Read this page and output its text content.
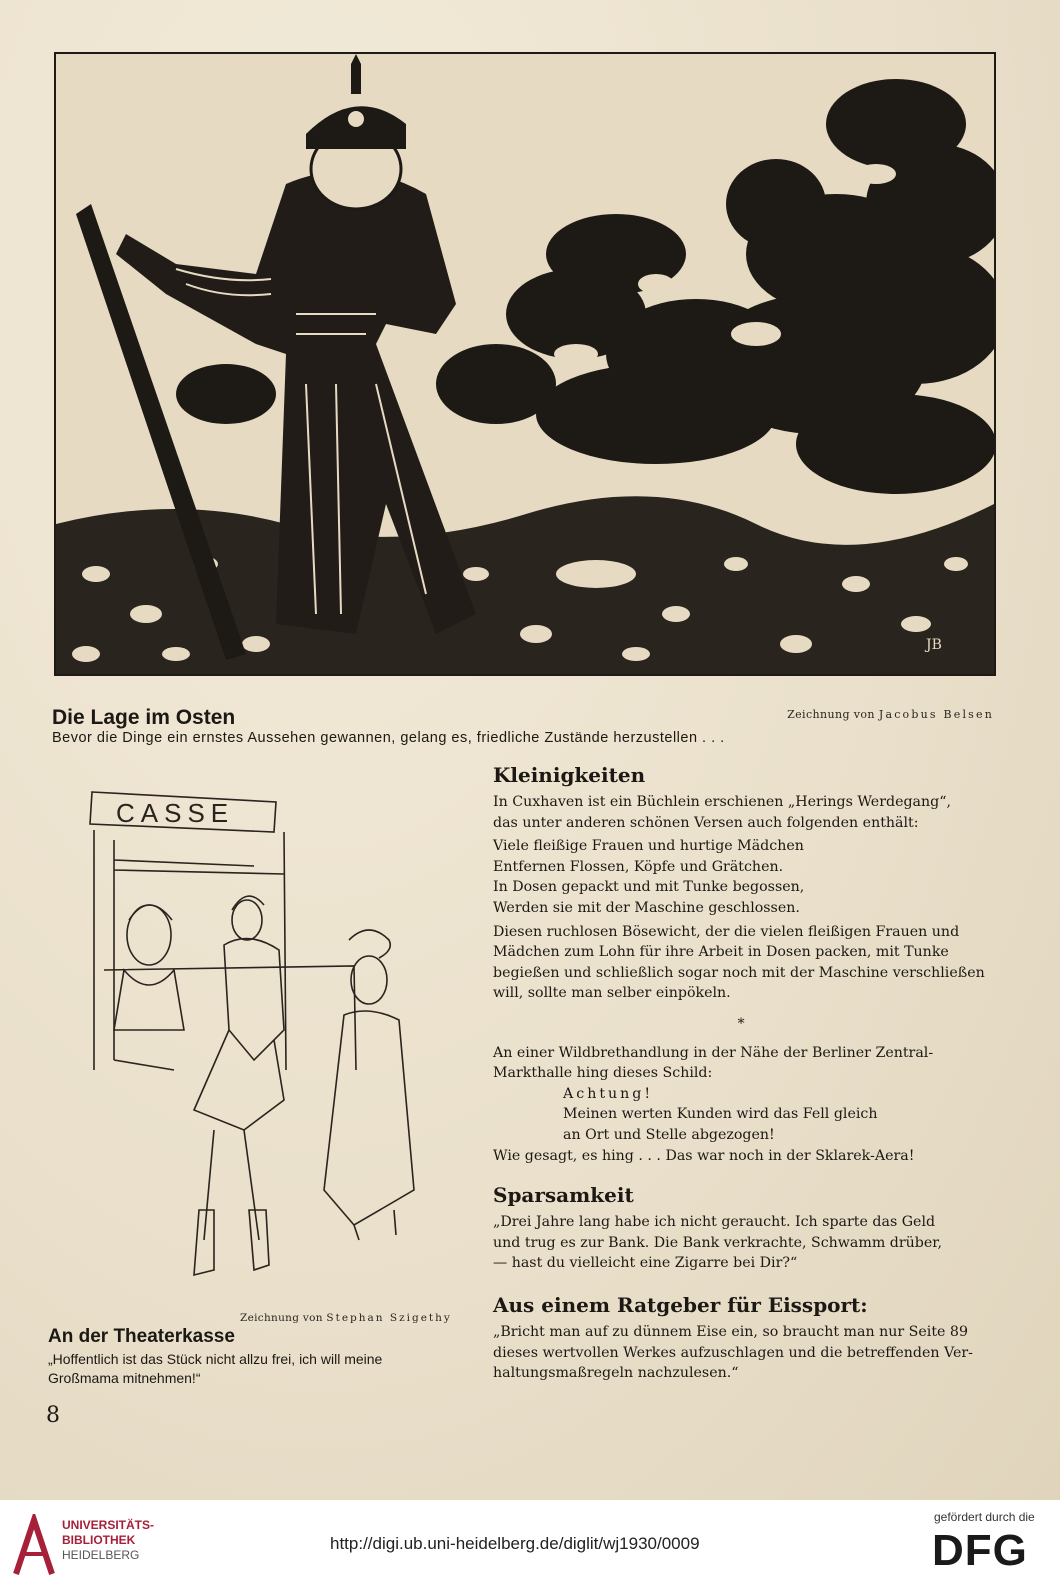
JB
Die Lage im Osten	Zeichnung von Jacobus Belsen
Bevor die Dinge ein ernstes Aussehen gewannen, gelang es, friedliche Zustände herzustellen . . .
CASSE
Zeichnung von Stephan Szigethy
An der Theaterkasse
„Hoffentlich ist das Stück nicht allzu frei, ich will meine
Großmama mitnehmen!“
8
Kleinigkeiten
In Cuxhaven ist ein Büchlein erschienen „Herings Werdegang“,
das unter anderen schönen Versen auch folgenden enthält:
Viele fleißige Frauen und hurtige Mädchen
Entfernen Flossen, Köpfe und Grätchen.
In Dosen gepackt und mit Tunke begossen,
Werden sie mit der Maschine geschlossen.
Diesen ruchlosen Bösewicht, der die vielen fleißigen Frauen und
Mädchen zum Lohn für ihre Arbeit in Dosen packen, mit Tunke
begießen und schließlich sogar noch mit der Maschine verschließen
will, sollte man selber einpökeln.
*
An einer Wildbrethandlung in der Nähe der Berliner Zentral-
Markthalle hing dieses Schild:
Achtung!
Meinen werten Kunden wird das Fell gleich
an Ort und Stelle abgezogen!
Wie gesagt, es hing . . . Das war noch in der Sklarek-Aera!
Sparsamkeit
„Drei Jahre lang habe ich nicht geraucht. Ich sparte das Geld
und trug es zur Bank. Die Bank verkrachte, Schwamm drüber,
— hast du vielleicht eine Zigarre bei Dir?“
Aus einem Ratgeber für Eissport:
„Bricht man auf zu dünnem Eise ein, so braucht man nur Seite 89
dieses wertvollen Werkes aufzuschlagen und die betreffenden Ver-
haltungsmaßregeln nachzulesen.“
UNIVERSITÄTS-
BIBLIOTHEK
HEIDELBERG
http://digi.ub.uni-heidelberg.de/diglit/wj1930/0009
gefördert durch die
DFG
